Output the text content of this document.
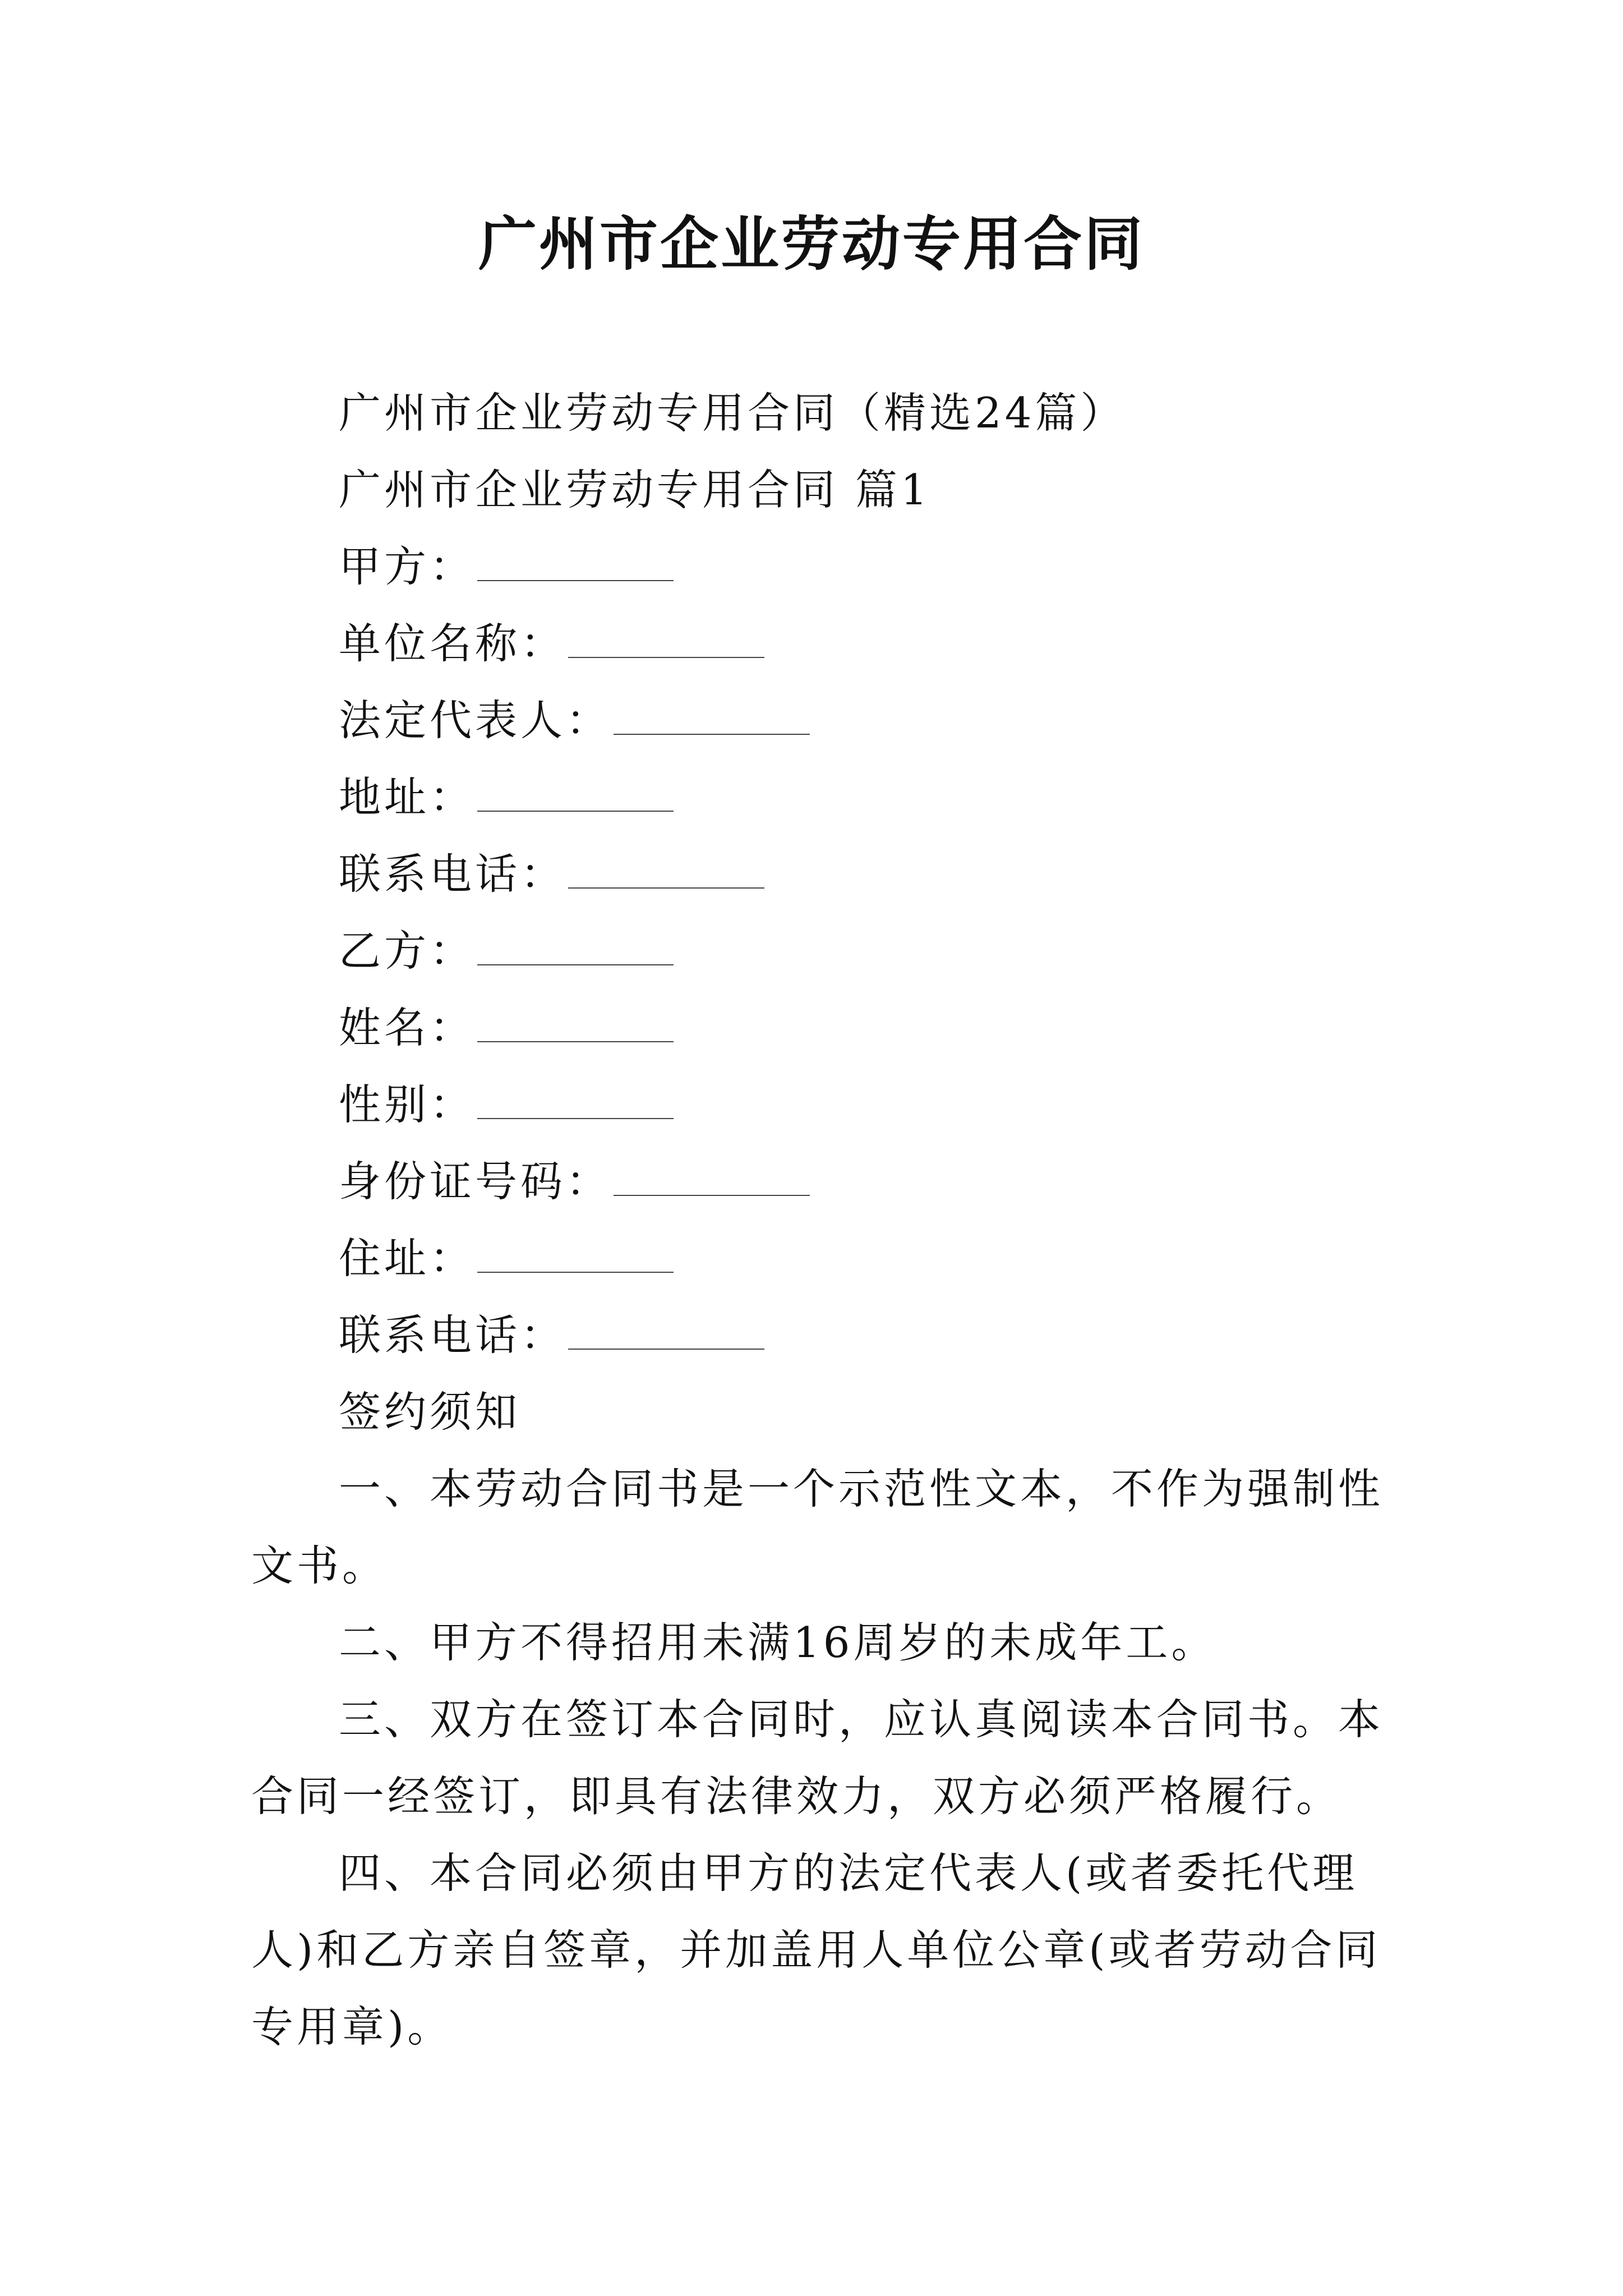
广州市企业劳动专用合同

广州市企业劳动专用合同（精选24篇）

广州市企业劳动专用合同 篇1

甲方：

单位名称：

法定代表人：

地址：

联系电话：

乙方：

姓名：

性别：

身份证号码：

住址：

联系电话：

签约须知

一、本劳动合同书是一个示范性文本，不作为强制性文书。

二、甲方不得招用未满16周岁的未成年工。

三、双方在签订本合同时，应认真阅读本合同书。本合同一经签订，即具有法律效力，双方必须严格履行。

四、本合同必须由甲方的法定代表人(或者委托代理人)和乙方亲自签章，并加盖用人单位公章(或者劳动合同专用章)。
